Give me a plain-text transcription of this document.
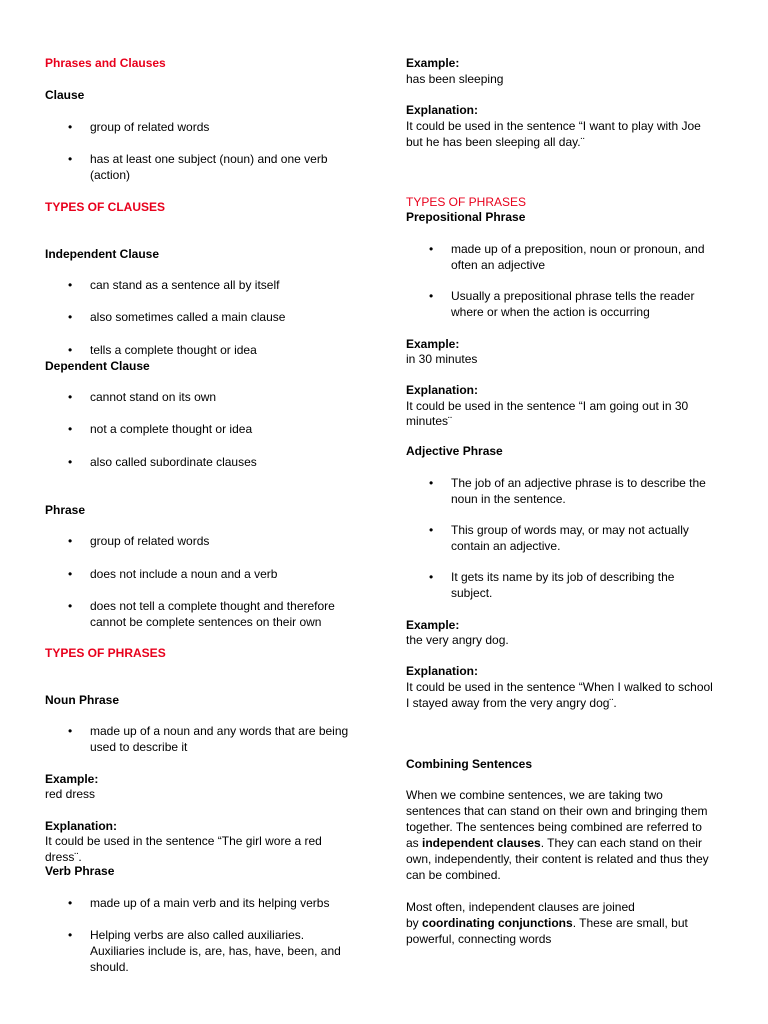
Phrases and Clauses
Clause
• group of related words
• has at least one subject (noun) and one verb
(action)
TYPES OF CLAUSES
Independent Clause
• can stand as a sentence all by itself
• also sometimes called a main clause
• tells a complete thought or idea
Dependent Clause
• cannot stand on its own
• not a complete thought or idea
• also called subordinate clauses
Phrase
• group of related words
• does not include a noun and a verb
• does not tell a complete thought and therefore
cannot be complete sentences on their own
TYPES OF PHRASES
Noun Phrase
• made up of a noun and any words that are being
used to describe it
Example:
red dress
Explanation:
It could be used in the sentence “The girl wore a red
dress¨.
Verb Phrase
• made up of a main verb and its helping verbs
• Helping verbs are also called auxiliaries.
Auxiliaries include is, are, has, have, been, and
should.
Example:
has been sleeping
Explanation:
It could be used in the sentence “I want to play with Joe
but he has been sleeping all day.¨
TYPES OF PHRASES
Prepositional Phrase
• made up of a preposition, noun or pronoun, and
often an adjective
• Usually a prepositional phrase tells the reader
where or when the action is occurring
Example:
in 30 minutes
Explanation:
It could be used in the sentence “I am going out in 30
minutes¨
Adjective Phrase
• The job of an adjective phrase is to describe the
noun in the sentence.
• This group of words may, or may not actually
contain an adjective.
• It gets its name by its job of describing the
subject.
Example:
the very angry dog.
Explanation:
It could be used in the sentence “When I walked to school
I stayed away from the very angry dog¨.
Combining Sentences
When we combine sentences, we are taking two
sentences that can stand on their own and bringing them
together. The sentences being combined are referred to
as independent clauses. They can each stand on their
own, independently, their content is related and thus they
can be combined.
Most often, independent clauses are joined
by coordinating conjunctions. These are small, but
powerful, connecting words
